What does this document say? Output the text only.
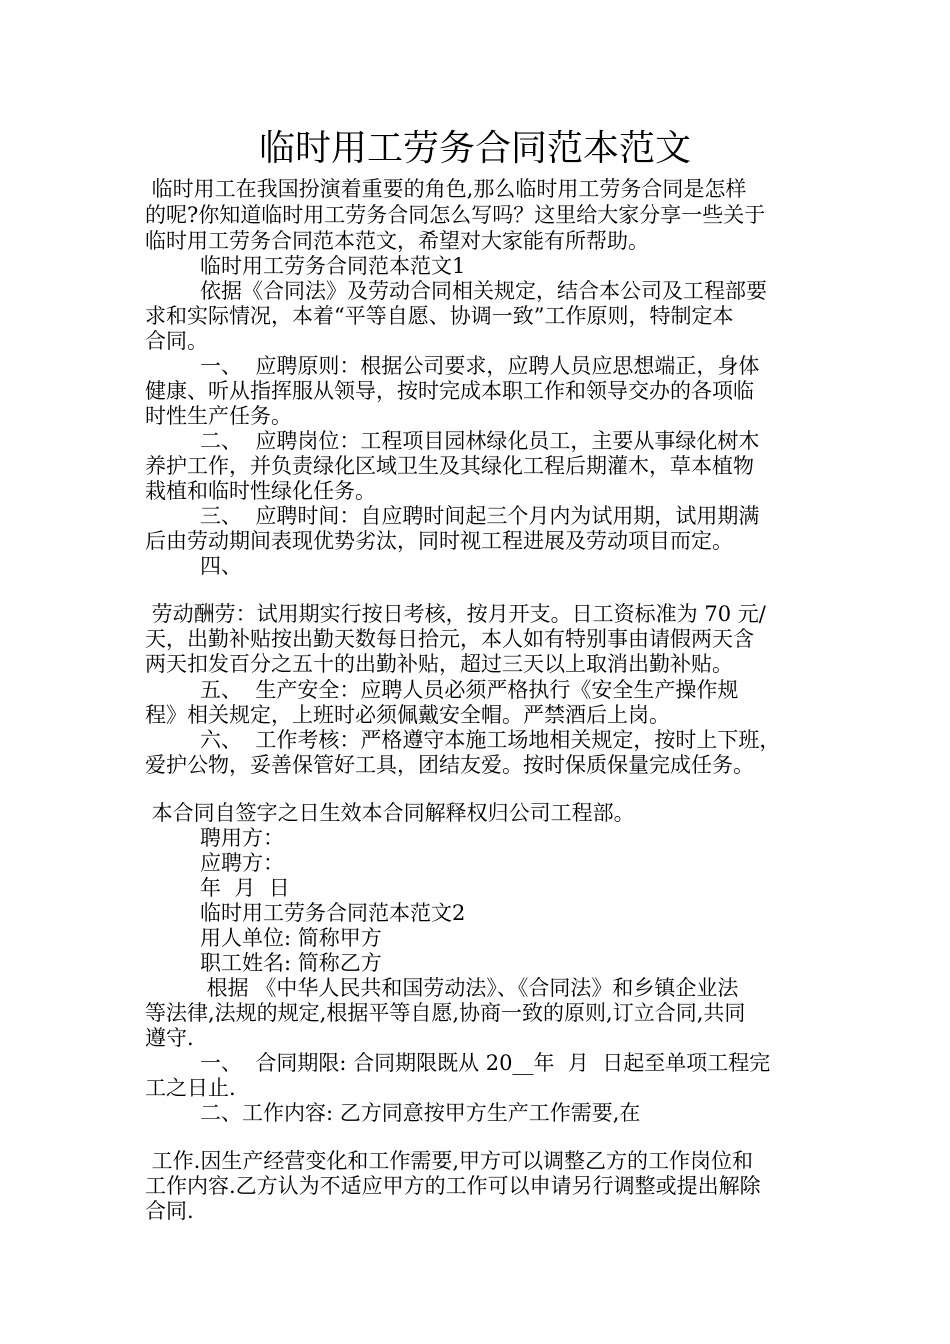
临时用工劳务合同范本范文
临时用工在我国扮演着重要的角色,那么临时用工劳务合同是怎样
的呢?你知道临时用工劳务合同怎么写吗？这里给大家分享一些关于
临时用工劳务合同范本范文，希望对大家能有所帮助。
临时用工劳务合同范本范文1
依据《合同法》及劳动合同相关规定，结合本公司及工程部要
求和实际情况，本着“平等自愿、协调一致”工作原则，特制定本
合同。
一、  应聘原则：根据公司要求，应聘人员应思想端正，身体
健康、听从指挥服从领导，按时完成本职工作和领导交办的各项临
时性生产任务。
二、  应聘岗位：工程项目园林绿化员工，主要从事绿化树木
养护工作，并负责绿化区域卫生及其绿化工程后期灌木，草本植物
栽植和临时性绿化任务。
三、  应聘时间：自应聘时间起三个月内为试用期，试用期满
后由劳动期间表现优势劣汰，同时视工程进展及劳动项目而定。
四、
劳动酬劳：试用期实行按日考核，按月开支。日工资标准为 70 元/
天，出勤补贴按出勤天数每日拾元，本人如有特别事由请假两天含
两天扣发百分之五十的出勤补贴，超过三天以上取消出勤补贴。
五、  生产安全：应聘人员必须严格执行《安全生产操作规
程》相关规定，上班时必须佩戴安全帽。严禁酒后上岗。
六、  工作考核：严格遵守本施工场地相关规定，按时上下班，
爱护公物，妥善保管好工具，团结友爱。按时保质保量完成任务。
本合同自签字之日生效本合同解释权归公司工程部。
聘用方：
应聘方：
年  月  日
临时用工劳务合同范本范文2
用人单位: 简称甲方
职工姓名: 简称乙方
根据 《中华人民共和国劳动法》、《合同法》和乡镇企业法
等法律,法规的规定,根据平等自愿,协商一致的原则,订立合同,共同
遵守.
一、  合同期限: 合同期限既从 20__年  月  日起至单项工程完
工之日止.
二、工作内容: 乙方同意按甲方生产工作需要,在
工作.因生产经营变化和工作需要,甲方可以调整乙方的工作岗位和
工作内容.乙方认为不适应甲方的工作可以申请另行调整或提出解除
合同.
